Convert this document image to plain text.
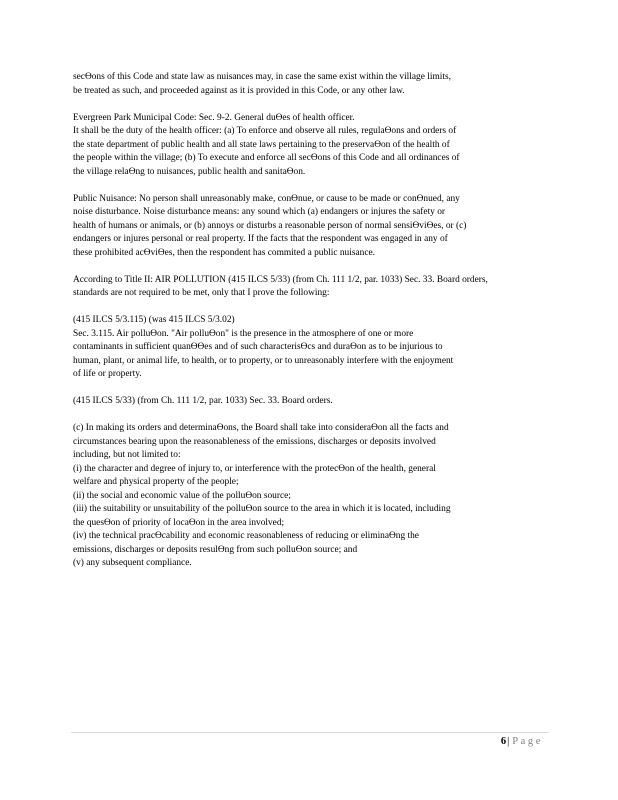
secƟons of this Code and state law as nuisances may, in case the same exist within the village limits,
be treated as such, and proceeded against as it is provided in this Code, or any other law.
Evergreen Park Municipal Code: Sec. 9-2. General duƟes of health officer.
It shall be the duty of the health officer: (a) To enforce and observe all rules, regulaƟons and orders of
the state department of public health and all state laws pertaining to the preservaƟon of the health of
the people within the village; (b) To execute and enforce all secƟons of this Code and all ordinances of
the village relaƟng to nuisances, public health and sanitaƟon.
Public Nuisance: No person shall unreasonably make, conƟnue, or cause to be made or conƟnued, any
noise disturbance. Noise disturbance means: any sound which (a) endangers or injures the safety or
health of humans or animals, or (b) annoys or disturbs a reasonable person of normal sensiƟviƟes, or (c)
endangers or injures personal or real property. If the facts that the respondent was engaged in any of
these prohibited acƟviƟes, then the respondent has commited a public nuisance.
According to Title II: AIR POLLUTION (415 ILCS 5/33) (from Ch. 111 1/2, par. 1033) Sec. 33. Board orders,
standards are not required to be met, only that I prove the following:
(415 ILCS 5/3.115) (was 415 ILCS 5/3.02)
Sec. 3.115. Air polluƟon. "Air polluƟon" is the presence in the atmosphere of one or more
contaminants in sufficient quanƟƟes and of such characterisƟcs and duraƟon as to be injurious to
human, plant, or animal life, to health, or to property, or to unreasonably interfere with the enjoyment
of life or property.
(415 ILCS 5/33) (from Ch. 111 1/2, par. 1033) Sec. 33. Board orders.
(c) In making its orders and determinaƟons, the Board shall take into consideraƟon all the facts and
circumstances bearing upon the reasonableness of the emissions, discharges or deposits involved
including, but not limited to:
(i) the character and degree of injury to, or interference with the protecƟon of the health, general
welfare and physical property of the people;
(ii) the social and economic value of the polluƟon source;
(iii) the suitability or unsuitability of the polluƟon source to the area in which it is located, including
the quesƟon of priority of locaƟon in the area involved;
(iv) the technical pracƟcability and economic reasonableness of reducing or eliminaƟng the
emissions, discharges or deposits resulƟng from such polluƟon source; and
(v) any subsequent compliance.
6| Page
